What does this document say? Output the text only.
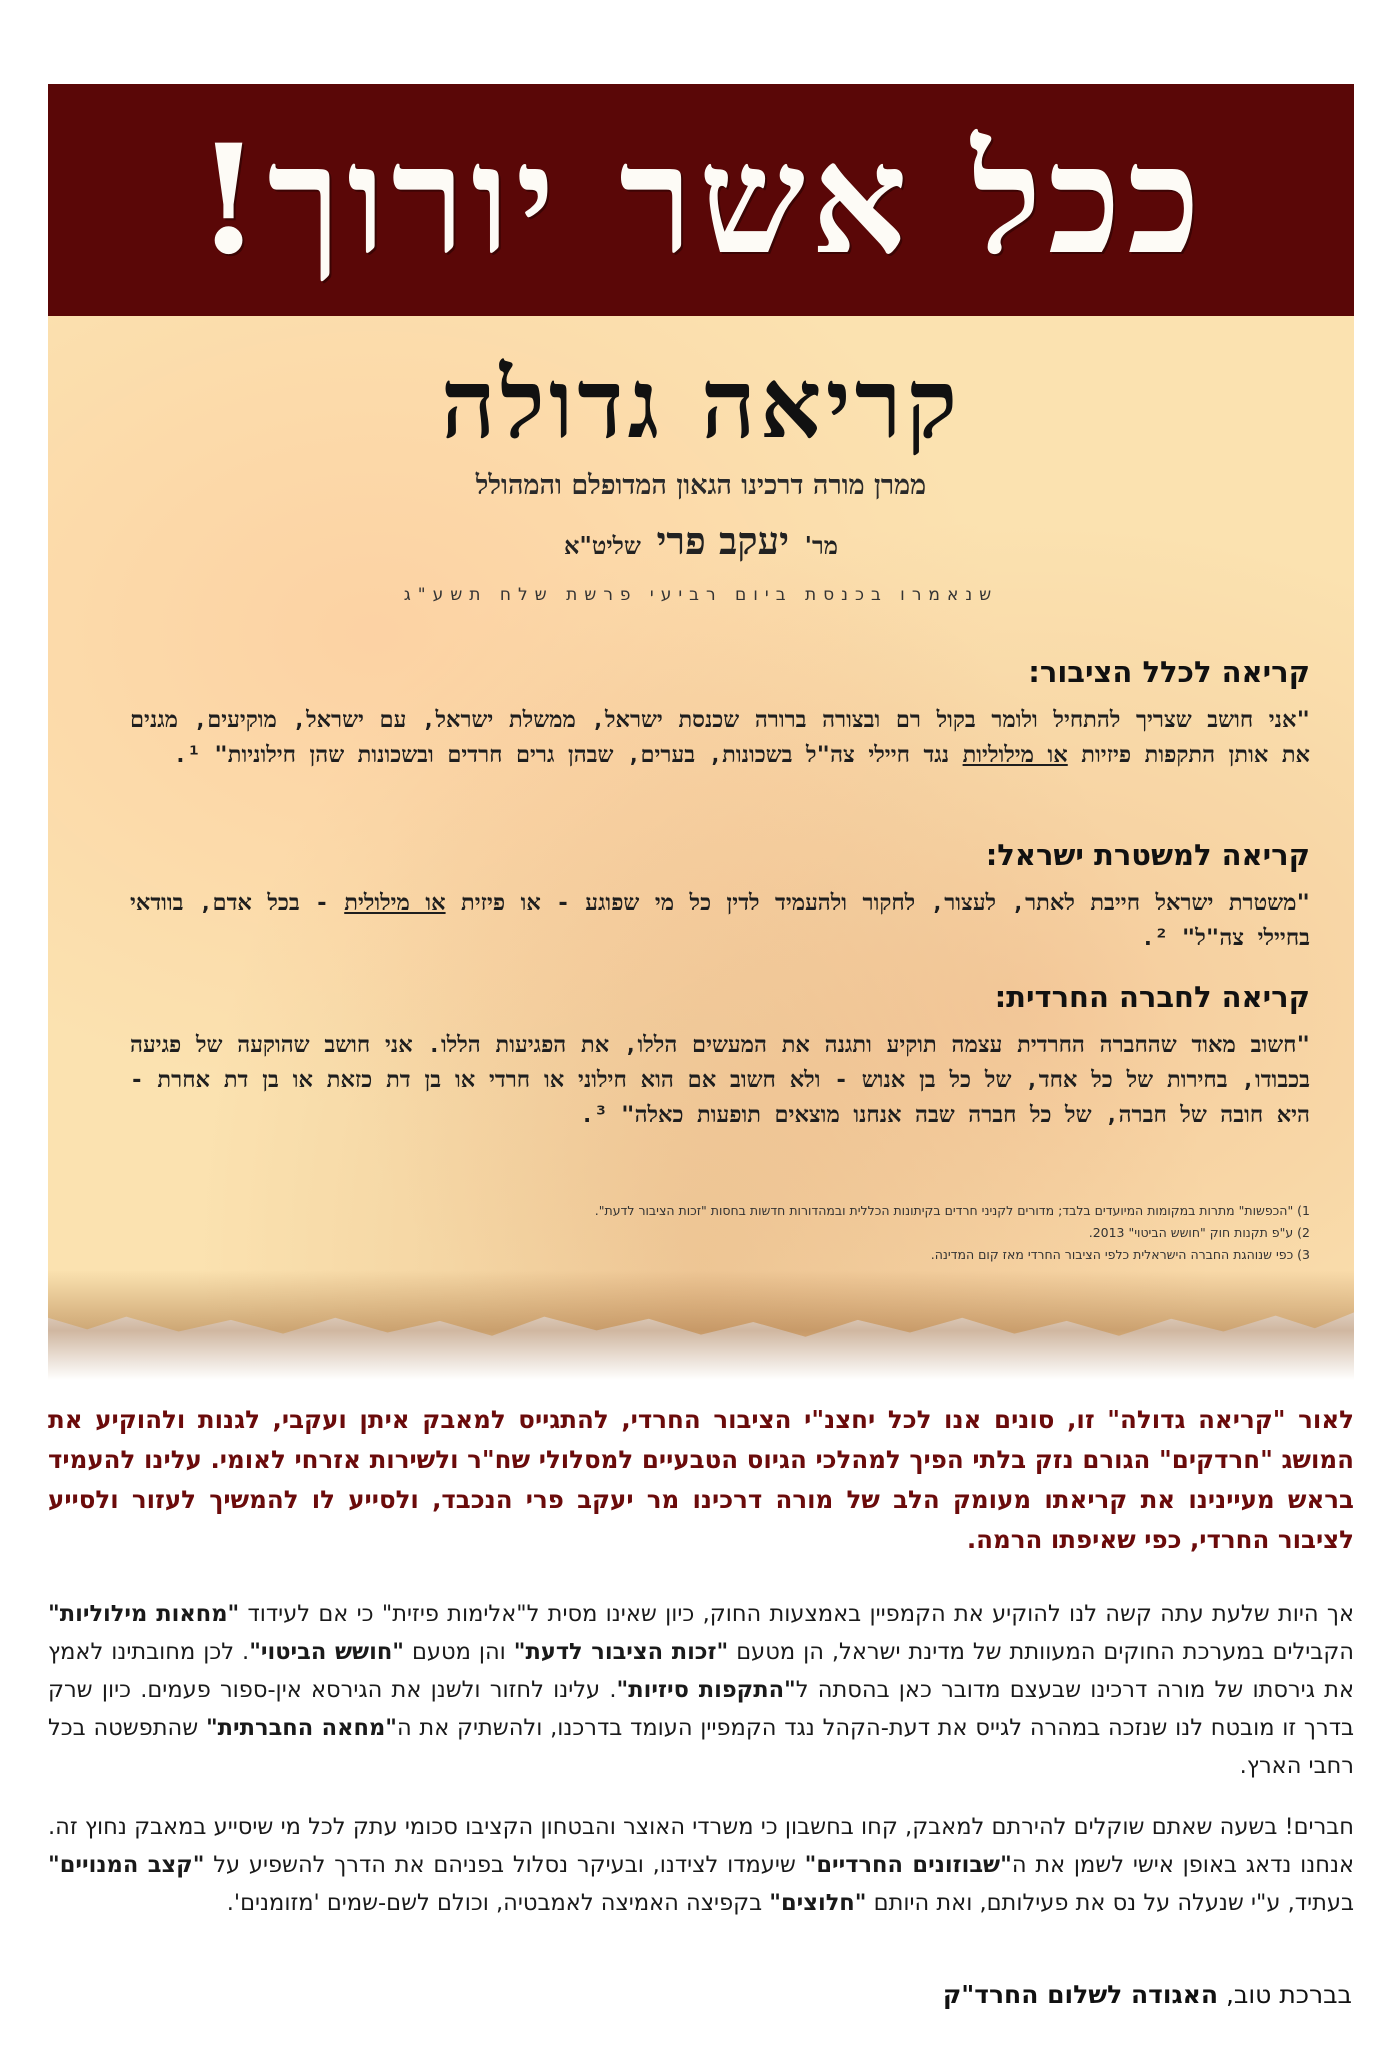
ככל אשר יורוך!
קריאה גדולה
ממרן מורה דרכינו הגאון המדופלם והמהולל
מר' יעקב פרי שליט"א
שנאמרו בכנסת ביום רביעי פרשת שלח תשע"ג
קריאה לכלל הציבור:
"אני חושב שצריך להתחיל ולומר בקול רם ובצורה ברורה שכנסת ישראל, ממשלת ישראל, עם ישראל, מוקיעים, מגנים את אותן התקפות פיזיות או מילוליות נגד חיילי צה"ל בשכונות, בערים, שבהן גרים חרדים ובשכונות שהן חילוניות" ¹.
קריאה למשטרת ישראל:
"משטרת ישראל חייבת לאתר, לעצור, לחקור ולהעמיד לדין כל מי שפוגע - או פיזית או מילולית - בכל אדם, בוודאי בחיילי צה"ל" ².
קריאה לחברה החרדית:
"חשוב מאוד שהחברה החרדית עצמה תוקיע ותגנה את המעשים הללו, את הפגיעות הללו. אני חושב שהוקעה של פגיעה בכבודו, בחירות של כל אחד, של כל בן אנוש - ולא חשוב אם הוא חילוני או חרדי או בן דת כזאת או בן דת אחרת - היא חובה של חברה, של כל חברה שבה אנחנו מוצאים תופעות כאלה" ³.
1) "הכפשות" מתרות במקומות המיועדים בלבד; מדורים לקניני חרדים בקיתונות הכללית ובמהדורות חדשות בחסות "זכות הציבור לדעת".
2) ע"פ תקנות חוק "חושש הביטוי" 2013.
3) כפי שנוהגת החברה הישראלית כלפי הציבור החרדי מאז קום המדינה.
לאור "קריאה גדולה" זו, סונים אנו לכל יחצנ"י הציבור החרדי, להתגייס למאבק איתן ועקבי, לגנות ולהוקיע את המושג "חרדקים" הגורם נזק בלתי הפיך למהלכי הגיוס הטבעיים למסלולי שח"ר ולשירות אזרחי לאומי. עלינו להעמיד בראש מעיינינו את קריאתו מעומק הלב של מורה דרכינו מר יעקב פרי הנכבד, ולסייע לו להמשיך לעזור ולסייע לציבור החרדי, כפי שאיפתו הרמה.
אך היות שלעת עתה קשה לנו להוקיע את הקמפיין באמצעות החוק, כיון שאינו מסית ל"אלימות פיזית" כי אם לעידוד "מחאות מילוליות" הקבילים במערכת החוקים המעוותת של מדינת ישראל, הן מטעם "זכות הציבור לדעת" והן מטעם "חושש הביטוי". לכן מחובתינו לאמץ את גירסתו של מורה דרכינו שבעצם מדובר כאן בהסתה ל"התקפות סיזיות". עלינו לחזור ולשנן את הגירסא אין-ספור פעמים. כיון שרק בדרך זו מובטח לנו שנזכה במהרה לגייס את דעת-הקהל נגד הקמפיין העומד בדרכנו, ולהשתיק את ה"מחאה החברתית" שהתפשטה בכל רחבי הארץ.
חברים! בשעה שאתם שוקלים להירתם למאבק, קחו בחשבון כי משרדי האוצר והבטחון הקציבו סכומי עתק לכל מי שיסייע במאבק נחוץ זה. אנחנו נדאג באופן אישי לשמן את ה"שבוזונים החרדיים" שיעמדו לצידנו, ובעיקר נסלול בפניהם את הדרך להשפיע על "קצב המנויים" בעתיד, ע"י שנעלה על נס את פעילותם, ואת היותם "חלוצים" בקפיצה האמיצה לאמבטיה, וכולם לשם-שמים 'מזומנים'.
בברכת טוב, האגודה לשלום החרד"ק
